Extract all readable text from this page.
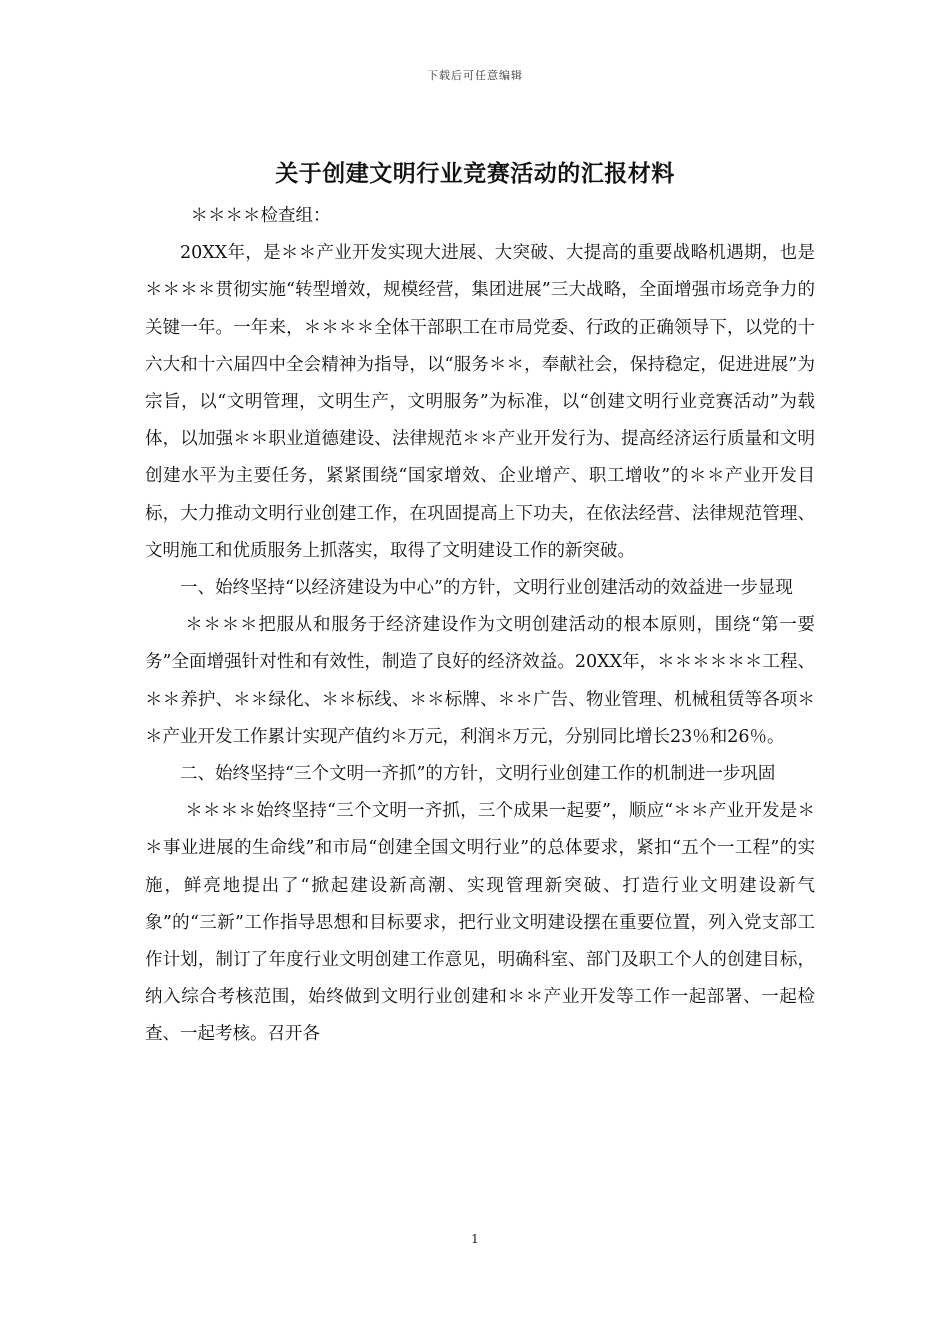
下载后可任意编辑
关于创建文明行业竞赛活动的汇报材料

＊＊＊＊检查组：

20XX年，是＊＊产业开发实现大进展、大突破、大提高的重要战略机遇期，也是＊＊＊＊贯彻实施“转型增效，规模经营，集团进展”三大战略，全面增强市场竞争力的关键一年。一年来，＊＊＊＊全体干部职工在市局党委、行政的正确领导下，以党的十六大和十六届四中全会精神为指导，以“服务＊＊，奉献社会，保持稳定，促进进展”为宗旨，以“文明管理，文明生产，文明服务”为标准，以“创建文明行业竞赛活动”为载体，以加强＊＊职业道德建设、法律规范＊＊产业开发行为、提高经济运行质量和文明创建水平为主要任务，紧紧围绕“国家增效、企业增产、职工增收”的＊＊产业开发目标，大力推动文明行业创建工作，在巩固提高上下功夫，在依法经营、法律规范管理、文明施工和优质服务上抓落实，取得了文明建设工作的新突破。

一、始终坚持“以经济建设为中心”的方针，文明行业创建活动的效益进一步显现

＊＊＊＊把服从和服务于经济建设作为文明创建活动的根本原则，围绕“第一要务”全面增强针对性和有效性，制造了良好的经济效益。20XX年，＊＊＊＊＊＊工程、＊＊养护、＊＊绿化、＊＊标线、＊＊标牌、＊＊广告、物业管理、机械租赁等各项＊＊产业开发工作累计实现产值约＊万元，利润＊万元，分别同比增长23％和26％。

二、始终坚持“三个文明一齐抓”的方针，文明行业创建工作的机制进一步巩固

＊＊＊＊始终坚持“三个文明一齐抓，三个成果一起要”，顺应“＊＊产业开发是＊＊事业进展的生命线”和市局“创建全国文明行业”的总体要求，紧扣“五个一工程”的实施，鲜亮地提出了“掀起建设新高潮、实现管理新突破、打造行业文明建设新气象”的“三新”工作指导思想和目标要求，把行业文明建设摆在重要位置，列入党支部工作计划，制订了年度行业文明创建工作意见，明确科室、部门及职工个人的创建目标，纳入综合考核范围，始终做到文明行业创建和＊＊产业开发等工作一起部署、一起检查、一起考核。召开各

1
